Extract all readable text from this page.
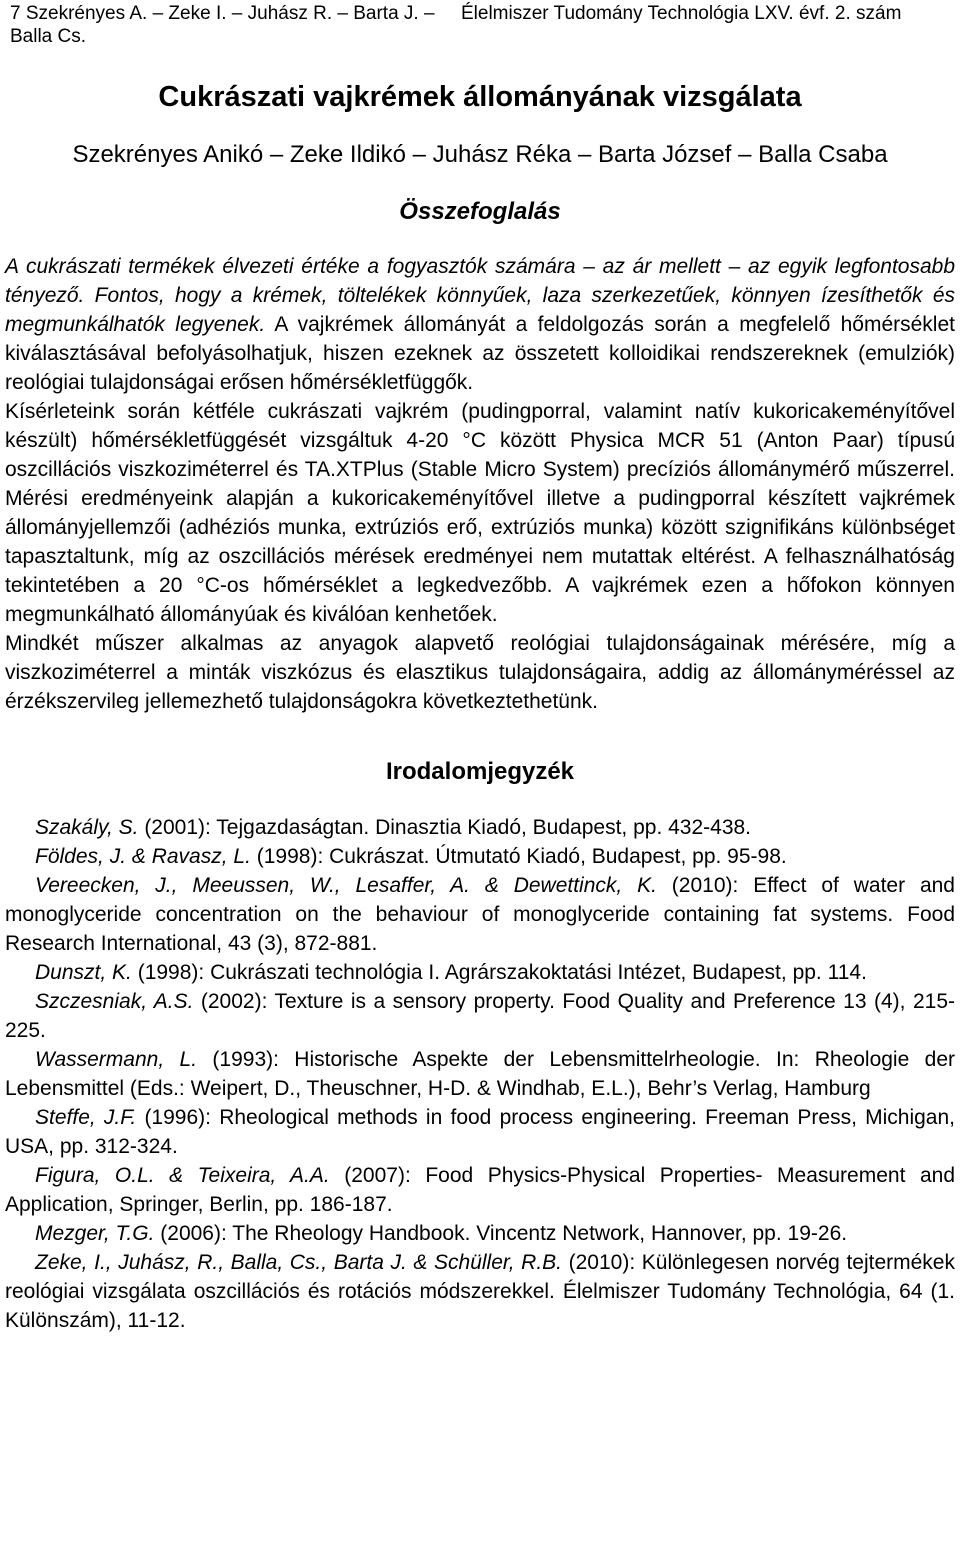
7 Szekrényes A. – Zeke I. – Juhász R. – Barta J. – Balla Cs.
Élelmiszer Tudomány Technológia LXV. évf. 2. szám
Cukrászati vajkrémek állományának vizsgálata
Szekrényes Anikó – Zeke Ildikó – Juhász Réka – Barta József – Balla Csaba
Összefoglalás

A cukrászati termékek élvezeti értéke a fogyasztók számára – az ár mellett – az egyik legfontosabb tényező. Fontos, hogy a krémek, töltelékek könnyűek, laza szerkezetűek, könnyen ízesíthetők és megmunkálhatók legyenek. A vajkrémek állományát a feldolgozás során a megfelelő hőmérséklet kiválasztásával befolyásolhatjuk, hiszen ezeknek az összetett kolloidikai rendszereknek (emulziók) reológiai tulajdonságai erősen hőmérsékletfüggők.

Kísérleteink során kétféle cukrászati vajkrém (pudingporral, valamint natív kukoricakeményítővel készült) hőmérsékletfüggését vizsgáltuk 4-20 °C között Physica MCR 51 (Anton Paar) típusú oszcillációs viszkoziméterrel és TA.XTPlus (Stable Micro System) precíziós állománymérő műszerrel. Mérési eredményeink alapján a kukoricakeményítővel illetve a pudingporral készített vajkrémek állományjellemzői (adhéziós munka, extrúziós erő, extrúziós munka) között szignifikáns különbséget tapasztaltunk, míg az oszcillációs mérések eredményei nem mutattak eltérést. A felhasználhatóság tekintetében a 20 °C-os hőmérséklet a legkedvezőbb. A vajkrémek ezen a hőfokon könnyen megmunkálható állományúak és kiválóan kenhetőek.

Mindkét műszer alkalmas az anyagok alapvető reológiai tulajdonságainak mérésére, míg a viszkoziméterrel a minták viszkózus és elasztikus tulajdonságaira, addig az állományméréssel az érzékszervileg jellemezhető tulajdonságokra következtethetünk.

Irodalomjegyzék

Szakály, S. (2001): Tejgazdaságtan. Dinasztia Kiadó, Budapest, pp. 432-438.

Földes, J. & Ravasz, L. (1998): Cukrászat. Útmutató Kiadó, Budapest, pp. 95-98.

Vereecken, J., Meeussen, W., Lesaffer, A. & Dewettinck, K. (2010): Effect of water and monoglyceride concentration on the behaviour of monoglyceride containing fat systems. Food Research International, 43 (3), 872-881.

Dunszt, K. (1998): Cukrászati technológia I. Agrárszakoktatási Intézet, Budapest, pp. 114.

Szczesniak, A.S. (2002): Texture is a sensory property. Food Quality and Preference 13 (4), 215-225.

Wassermann, L. (1993): Historische Aspekte der Lebensmittelrheologie. In: Rheologie der Lebensmittel (Eds.: Weipert, D., Theuschner, H-D. & Windhab, E.L.), Behr’s Verlag, Hamburg

Steffe, J.F. (1996): Rheological methods in food process engineering. Freeman Press, Michigan, USA, pp. 312-324.

Figura, O.L. & Teixeira, A.A. (2007): Food Physics-Physical Properties- Measurement and Application, Springer, Berlin, pp. 186-187.

Mezger, T.G. (2006): The Rheology Handbook. Vincentz Network, Hannover, pp. 19-26.

Zeke, I., Juhász, R., Balla, Cs., Barta J. & Schüller, R.B. (2010): Különlegesen norvég tejtermékek reológiai vizsgálata oszcillációs és rotációs módszerekkel. Élelmiszer Tudomány Technológia, 64 (1. Különszám), 11-12.
